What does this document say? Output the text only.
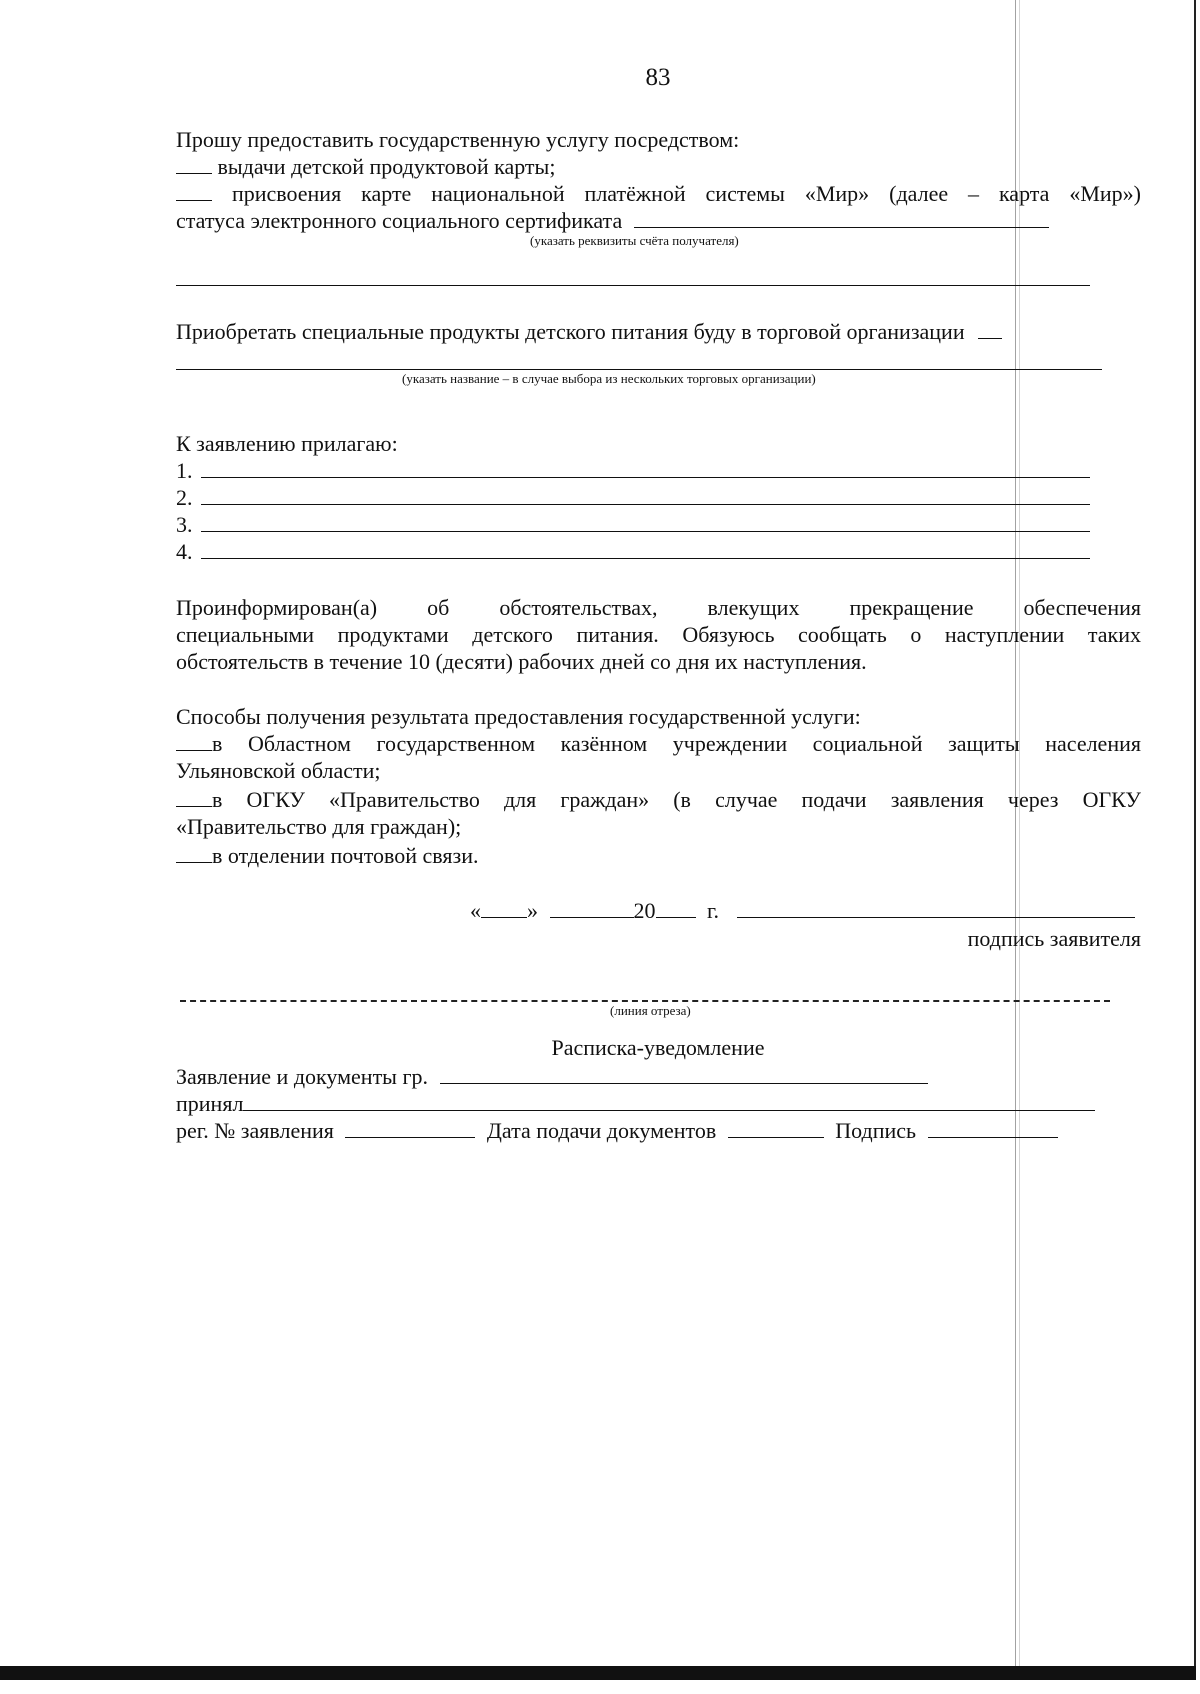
83
Прошу предоставить государственную услугу посредством:
выдачи детской продуктовой карты;
присвоения карте национальной платёжной системы «Мир» (далее – карта «Мир»)
статуса электронного социального сертификата
(указать реквизиты счёта получателя)
Приобретать специальные продукты детского питания буду в торговой организации
(указать название – в случае выбора из нескольких торговых организации)
К заявлению прилагаю:
1.
2.
3.
4.
Проинформирован(а) об обстоятельствах, влекущих прекращение обеспечения
специальными продуктами детского питания. Обязуюсь сообщать о наступлении таких
обстоятельств в течение 10 (десяти) рабочих дней со дня их наступления.
Способы получения результата предоставления государственной услуги:
в Областном государственном казённом учреждении социальной защиты населения
Ульяновской области;
в ОГКУ «Правительство для граждан» (в случае подачи заявления через ОГКУ
«Правительство для граждан);
в отделении почтовой связи.
« »	20 г.
подпись заявителя
(линия отреза)
Расписка-уведомление
Заявление и документы гр.
принял
рег. № заявления	Дата подачи документов	Подпись
